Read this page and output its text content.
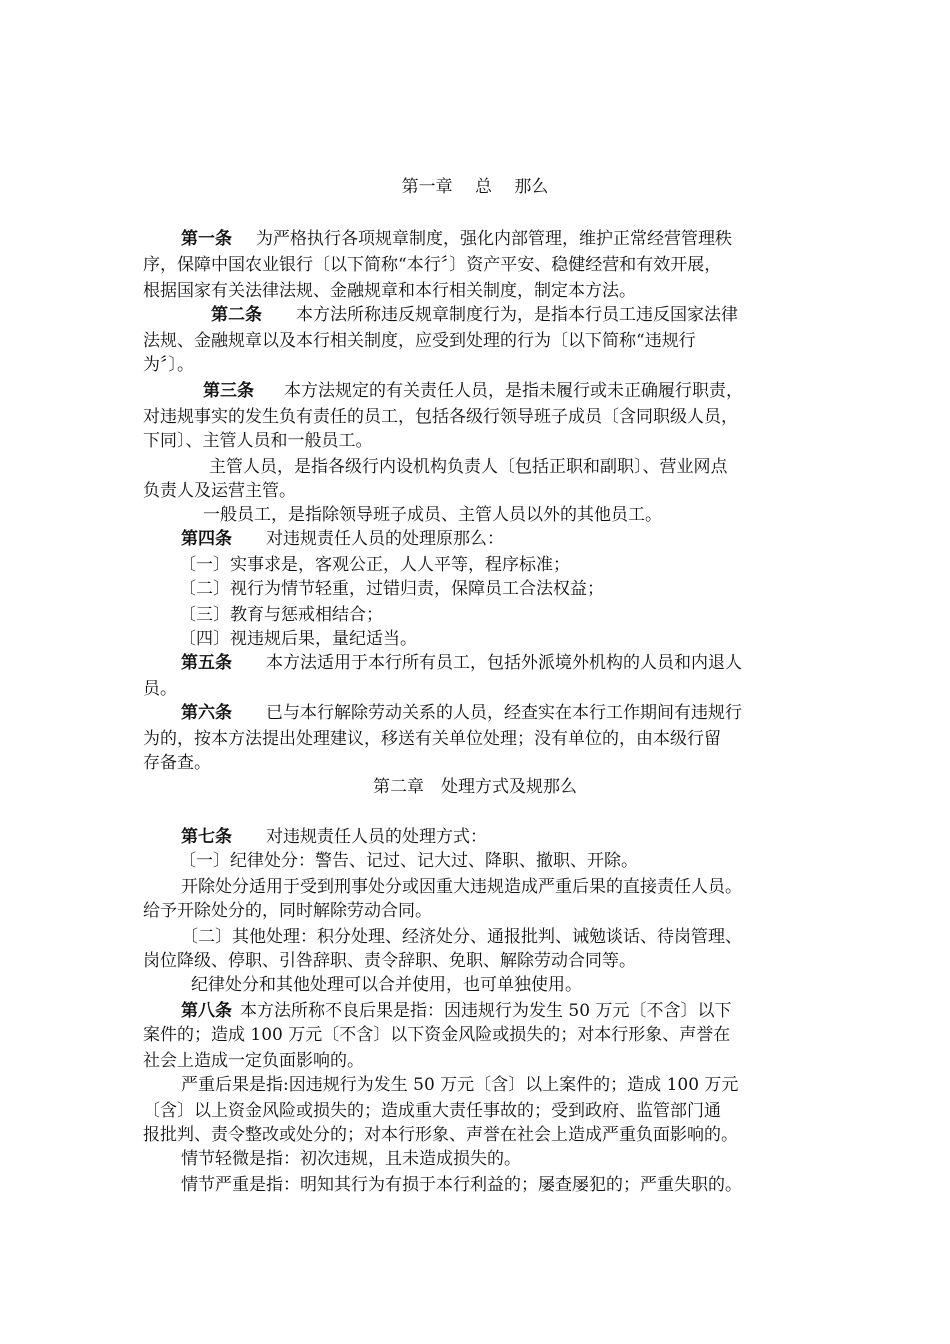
第一章　 总　 那么
第一条 为严格执行各项规章制度，强化内部管理，维护正常经营管理秩
序，保障中国农业银行〔以下简称“本行〞〕资产平安、稳健经营和有效开展，
根据国家有关法律法规、金融规章和本行相关制度，制定本方法。
第二条 本方法所称违反规章制度行为，是指本行员工违反国家法律
法规、金融规章以及本行相关制度，应受到处理的行为〔以下简称“违规行
为〞〕。
第三条 本方法规定的有关责任人员，是指未履行或未正确履行职责，
对违规事实的发生负有责任的员工，包括各级行领导班子成员〔含同职级人员，
下同〕、主管人员和一般员工。
主管人员，是指各级行内设机构负责人〔包括正职和副职〕、营业网点
负责人及运营主管。
一般员工，是指除领导班子成员、主管人员以外的其他员工。
第四条 对违规责任人员的处理原那么：
〔一〕实事求是，客观公正，人人平等，程序标准；
〔二〕视行为情节轻重，过错归责，保障员工合法权益；
〔三〕教育与惩戒相结合；
〔四〕视违规后果，量纪适当。
第五条 本方法适用于本行所有员工，包括外派境外机构的人员和内退人
员。
第六条 已与本行解除劳动关系的人员，经查实在本行工作期间有违规行
为的，按本方法提出处理建议，移送有关单位处理；没有单位的，由本级行留
存备查。
第二章　处理方式及规那么
第七条 对违规责任人员的处理方式：
〔一〕纪律处分：警告、记过、记大过、降职、撤职、开除。
开除处分适用于受到刑事处分或因重大违规造成严重后果的直接责任人员。
给予开除处分的，同时解除劳动合同。
〔二〕其他处理：积分处理、经济处分、通报批判、诫勉谈话、待岗管理、
岗位降级、停职、引咎辞职、责令辞职、免职、解除劳动合同等。
纪律处分和其他处理可以合并使用，也可单独使用。
第八条 本方法所称不良后果是指：因违规行为发生 50 万元〔不含〕以下
案件的；造成 100 万元〔不含〕以下资金风险或损失的；对本行形象、声誉在
社会上造成一定负面影响的。
严重后果是指:因违规行为发生 50 万元〔含〕以上案件的；造成 100 万元
〔含〕以上资金风险或损失的；造成重大责任事故的；受到政府、监管部门通
报批判、责令整改或处分的；对本行形象、声誉在社会上造成严重负面影响的。
情节轻微是指：初次违规，且未造成损失的。
情节严重是指：明知其行为有损于本行利益的；屡查屡犯的；严重失职的。
